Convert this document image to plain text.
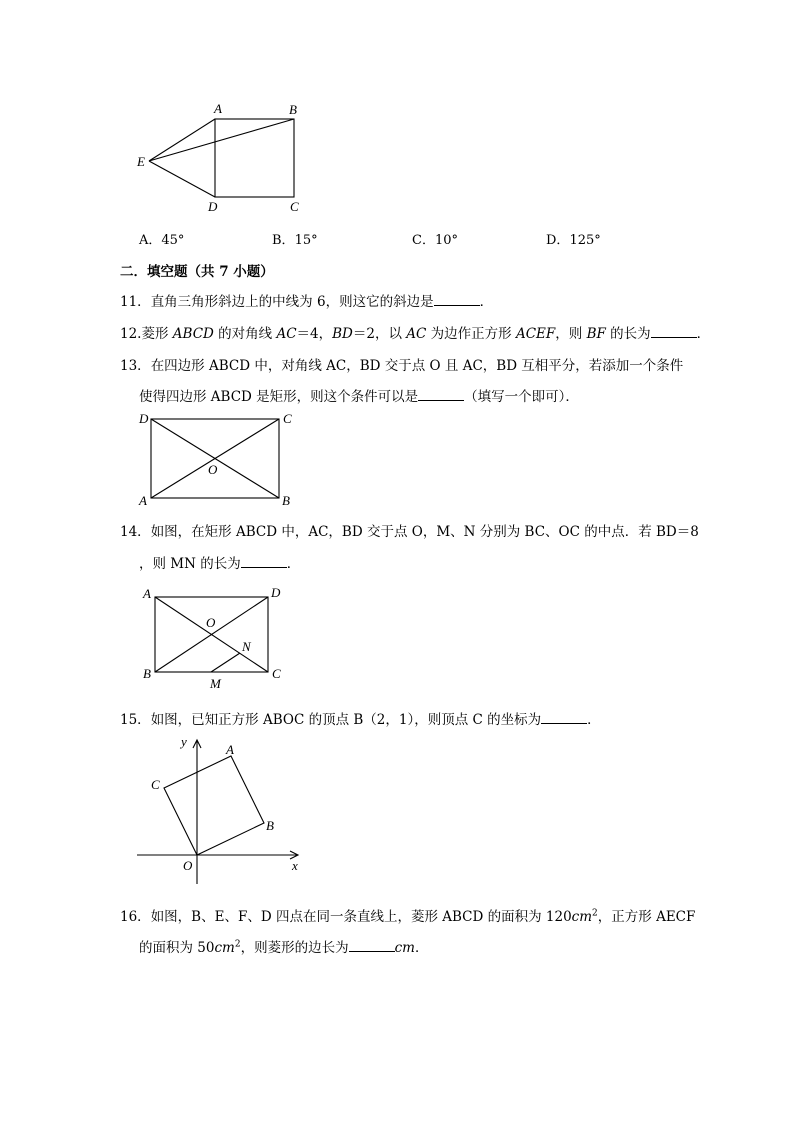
A	B
E
D	C
A．45°	B．15°	C．10°	D．125°
二．填空题（共 7 小题）
11．直角三角形斜边上的中线为 6，则这它的斜边是	．
12.菱形 ABCD 的对角线 AC＝4，BD＝2，以 AC 为边作正方形 ACEF，则 BF 的长为	．
13．在四边形 ABCD 中，对角线 AC，BD 交于点 O 且 AC，BD 互相平分，若添加一个条件
使得四边形 ABCD 是矩形，则这个条件可以是	（填写一个即可）．
D	C
O
A	B
14．如图，在矩形 ABCD 中，AC，BD 交于点 O，M、N 分别为 BC、OC 的中点．若 BD＝8
，则 MN 的长为	．
A	D
O
N
B	C
M
15．如图，已知正方形 ABOC 的顶点 B（2，1），则顶点 C 的坐标为	．
y
A
C
B
O	x
16．如图，B、E、F、D 四点在同一条直线上，菱形 ABCD 的面积为 $120cm^2$，正方形 AECF
的面积为 $50cm^2$，则菱形的边长为	cm．
